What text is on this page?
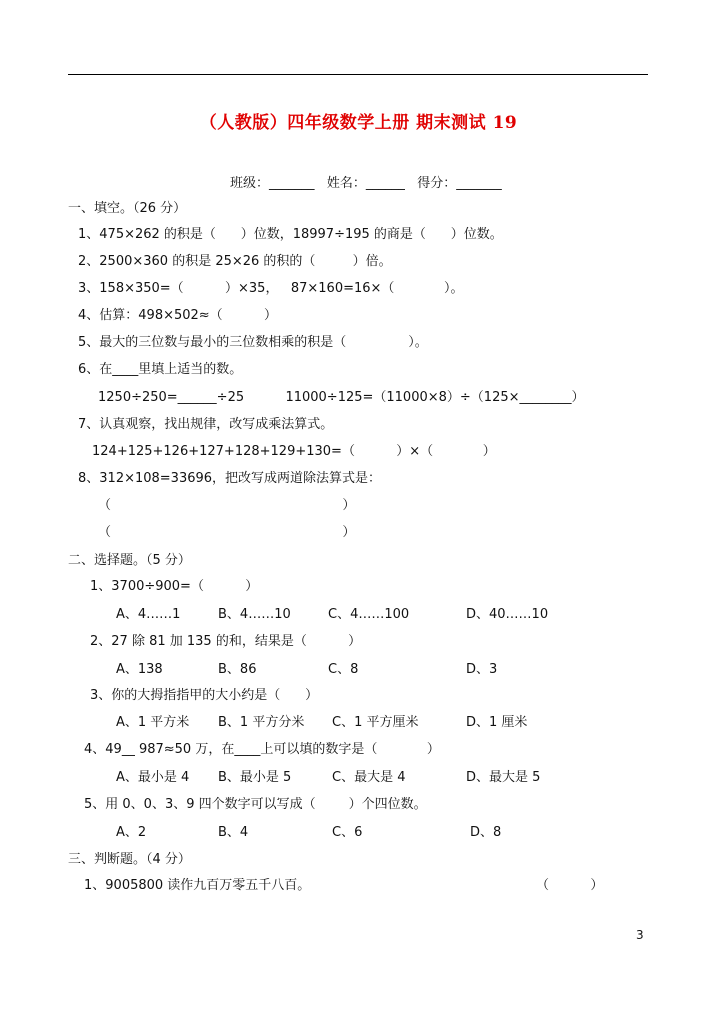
（人教版）四年级数学上册 期末测试 19
班级：_______   姓名：______   得分：_______
一、填空。（26 分）
1、475×262 的积是（      ）位数，18997÷195 的商是（      ）位数。
2、2500×360 的积是 25×26 的积的（         ）倍。
3、158×350=（          ）×35，   87×160=16×（            ）。
4、估算：498×502≈（          ）
5、最大的三位数与最小的三位数相乘的积是（               ）。
6、在____里填上适当的数。
1250÷250=______÷25          11000÷125=（11000×8）÷（125×________）
7、认真观察，找出规律，改写成乘法算式。
124+125+126+127+128+129+130=（          ）×（            ）
8、312×108=33696，把改写成两道除法算式是：
（                                                        ）
（                                                        ）
二、选择题。（5 分）
1、3700÷900=（          ）
A、4……1	B、4……10	C、4……100	D、40……10
2、27 除 81 加 135 的和，结果是（          ）
A、138	B、86	C、8	D、3
3、你的大拇指指甲的大小约是（      ）
A、1 平方米 B、1 平方分米 C、1 平方厘米	D、1 厘米
4、49__ 987≈50 万，在____上可以填的数字是（            ）
A、最小是 4 B、最小是 5	C、最大是 4	D、最大是 5
5、用 0、0、3、9 四个数字可以写成（        ）个四位数。
A、2	B、4	C、6	D、8
三、判断题。（4 分）
1、9005800 读作九百万零五千八百。	（          ）
3
